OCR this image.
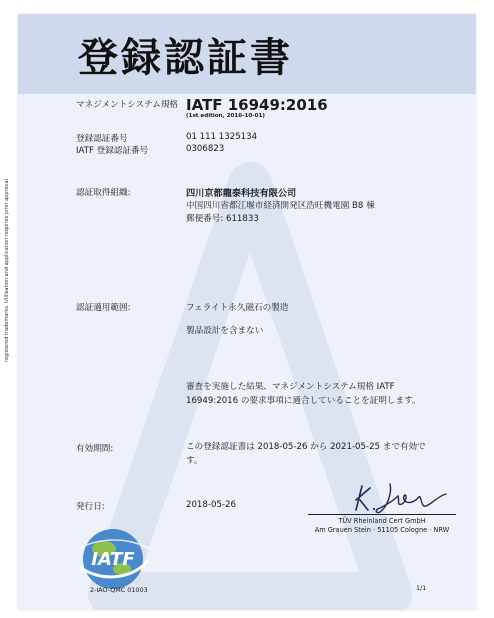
登録認証書
マネジメントシステム規格 IATF 16949:2016
(1st edition, 2016-10-01)
登録認証番号	01 111 1325134
IATF 登録認証番号	0306823
認証取得組織:	四川京都龍泰科技有限公司
中国四川省都江堰市経済開発区浩旺機電園 B8 棟
郵便番号: 611833
認証適用範囲:	フェライト永久磁石の製造
製品設計を含まない
審査を実施した結果、マネジメントシステム規格 IATF 16949:2016 の要求事項に適合していることを証明します。
有効期間:	この登録認証書は 2018-05-26 から 2021-05-25 まで有効です。
発行日:	2018-05-26
TÜV Rheinland Cert GmbH
Am Grauen Stein · 51105 Cologne · NRW
IATF
2-IAO-QMC 01003	1/1
registered trademarks. Utilisation and application requires prior approval.
